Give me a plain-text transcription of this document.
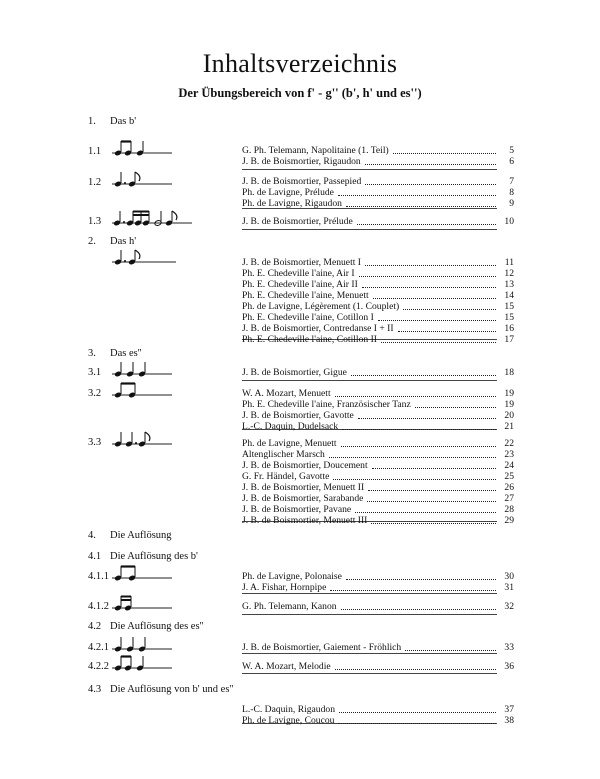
Inhaltsverzeichnis
Der Übungsbereich von f' - g'' (b', h' und es'')
1. Das b'
2. Das h'
3. Das es''
4. Die Auflösung
4.1 Die Auflösung des b'
4.2 Die Auflösung des es''
4.3 Die Auflösung von b' und es''
1.1
1.2
1.3
3.1
3.2
3.3
4.1.1
4.1.2
4.2.1
4.2.2
G. Ph. Telemann, Napolitaine (1. Teil)	5
J. B. de Boismortier, Rigaudon	6
J. B. de Boismortier, Passepied	7
Ph. de Lavigne, Prélude	8
Ph. de Lavigne, Rigaudon	9
J. B. de Boismortier, Prélude	10
J. B. de Boismortier, Menuett I	11
Ph. E. Chedeville l'aine, Air I	12
Ph. E. Chedeville l'aine, Air II	13
Ph. E. Chedeville l'aine, Menuett	14
Ph. de Lavigne, Légèrement (1. Couplet)	15
Ph. E. Chedeville l'aine, Cotillon I	15
J. B. de Boismortier, Contredanse I + II	16
Ph. E. Chedeville l'aine, Cotillon II	17
J. B. de Boismortier, Gigue	18
W. A. Mozart, Menuett	19
Ph. E. Chedeville l'aine, Französischer Tanz	19
J. B. de Boismortier, Gavotte	20
L.-C. Daquin, Dudelsack	21
Ph. de Lavigne, Menuett	22
Altenglischer Marsch	23
J. B. de Boismortier, Doucement	24
G. Fr. Händel, Gavotte	25
J. B. de Boismortier, Menuett II	26
J. B. de Boismortier, Sarabande	27
J. B. de Boismortier, Pavane	28
J. B. de Boismortier, Menuett III	29
Ph. de Lavigne, Polonaise	30
J. A. Fishar, Hornpipe	31
G. Ph. Telemann, Kanon	32
J. B. de Boismortier, Gaiement - Fröhlich	33
W. A. Mozart, Melodie	36
L.-C. Daquin, Rigaudon	37
Ph. de Lavigne, Coucou	38
